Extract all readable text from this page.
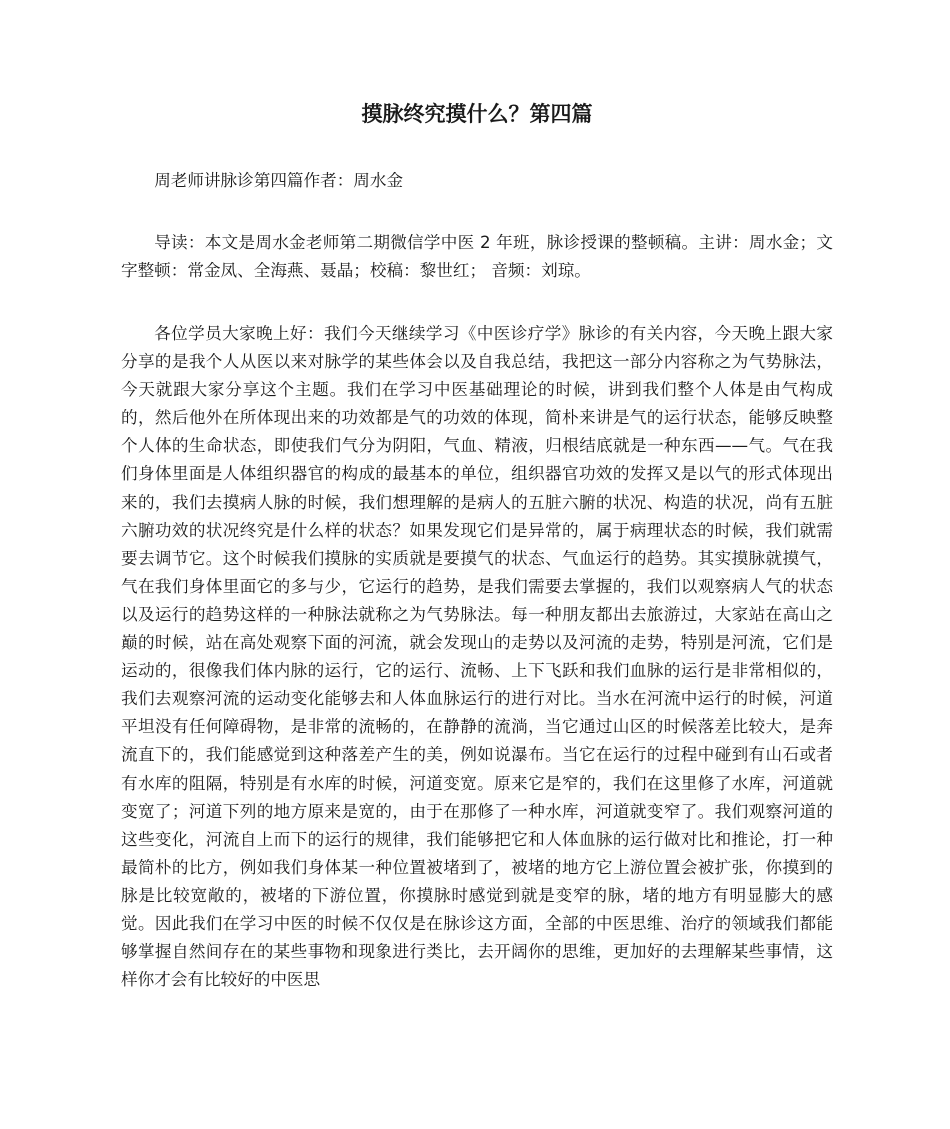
摸脉终究摸什么？第四篇

周老师讲脉诊第四篇作者：周水金

导读：本文是周水金老师第二期微信学中医 2 年班，脉诊授课的整顿稿。主讲：周水金；文字整顿：常金凤、全海燕、聂晶；校稿：黎世红； 音频：刘琼。

各位学员大家晚上好：我们今天继续学习《中医诊疗学》脉诊的有关内容，今天晚上跟大家分享的是我个人从医以来对脉学的某些体会以及自我总结，我把这一部分内容称之为气势脉法，今天就跟大家分享这个主题。我们在学习中医基础理论的时候，讲到我们整个人体是由气构成的，然后他外在所体现出来的功效都是气的功效的体现，简朴来讲是气的运行状态，能够反映整个人体的生命状态，即使我们气分为阴阳，气血、精液，归根结底就是一种东西——气。气在我们身体里面是人体组织器官的构成的最基本的单位，组织器官功效的发挥又是以气的形式体现出来的，我们去摸病人脉的时候，我们想理解的是病人的五脏六腑的状况、构造的状况，尚有五脏六腑功效的状况终究是什么样的状态？如果发现它们是异常的，属于病理状态的时候，我们就需要去调节它。这个时候我们摸脉的实质就是要摸气的状态、气血运行的趋势。其实摸脉就摸气，气在我们身体里面它的多与少，它运行的趋势，是我们需要去掌握的，我们以观察病人气的状态以及运行的趋势这样的一种脉法就称之为气势脉法。每一种朋友都出去旅游过，大家站在高山之巅的时候，站在高处观察下面的河流，就会发现山的走势以及河流的走势，特别是河流，它们是运动的，很像我们体内脉的运行，它的运行、流畅、上下飞跃和我们血脉的运行是非常相似的，我们去观察河流的运动变化能够去和人体血脉运行的进行对比。当水在河流中运行的时候，河道平坦没有任何障碍物，是非常的流畅的，在静静的流淌，当它通过山区的时候落差比较大，是奔流直下的，我们能感觉到这种落差产生的美，例如说瀑布。当它在运行的过程中碰到有山石或者有水库的阻隔，特别是有水库的时候，河道变宽。原来它是窄的，我们在这里修了水库，河道就变宽了；河道下列的地方原来是宽的，由于在那修了一种水库，河道就变窄了。我们观察河道的这些变化，河流自上而下的运行的规律，我们能够把它和人体血脉的运行做对比和推论，打一种最简朴的比方，例如我们身体某一种位置被堵到了，被堵的地方它上游位置会被扩张，你摸到的脉是比较宽敞的，被堵的下游位置，你摸脉时感觉到就是变窄的脉，堵的地方有明显膨大的感觉。因此我们在学习中医的时候不仅仅是在脉诊这方面，全部的中医思维、治疗的领域我们都能够掌握自然间存在的某些事物和现象进行类比，去开阔你的思维，更加好的去理解某些事情，这样你才会有比较好的中医思
